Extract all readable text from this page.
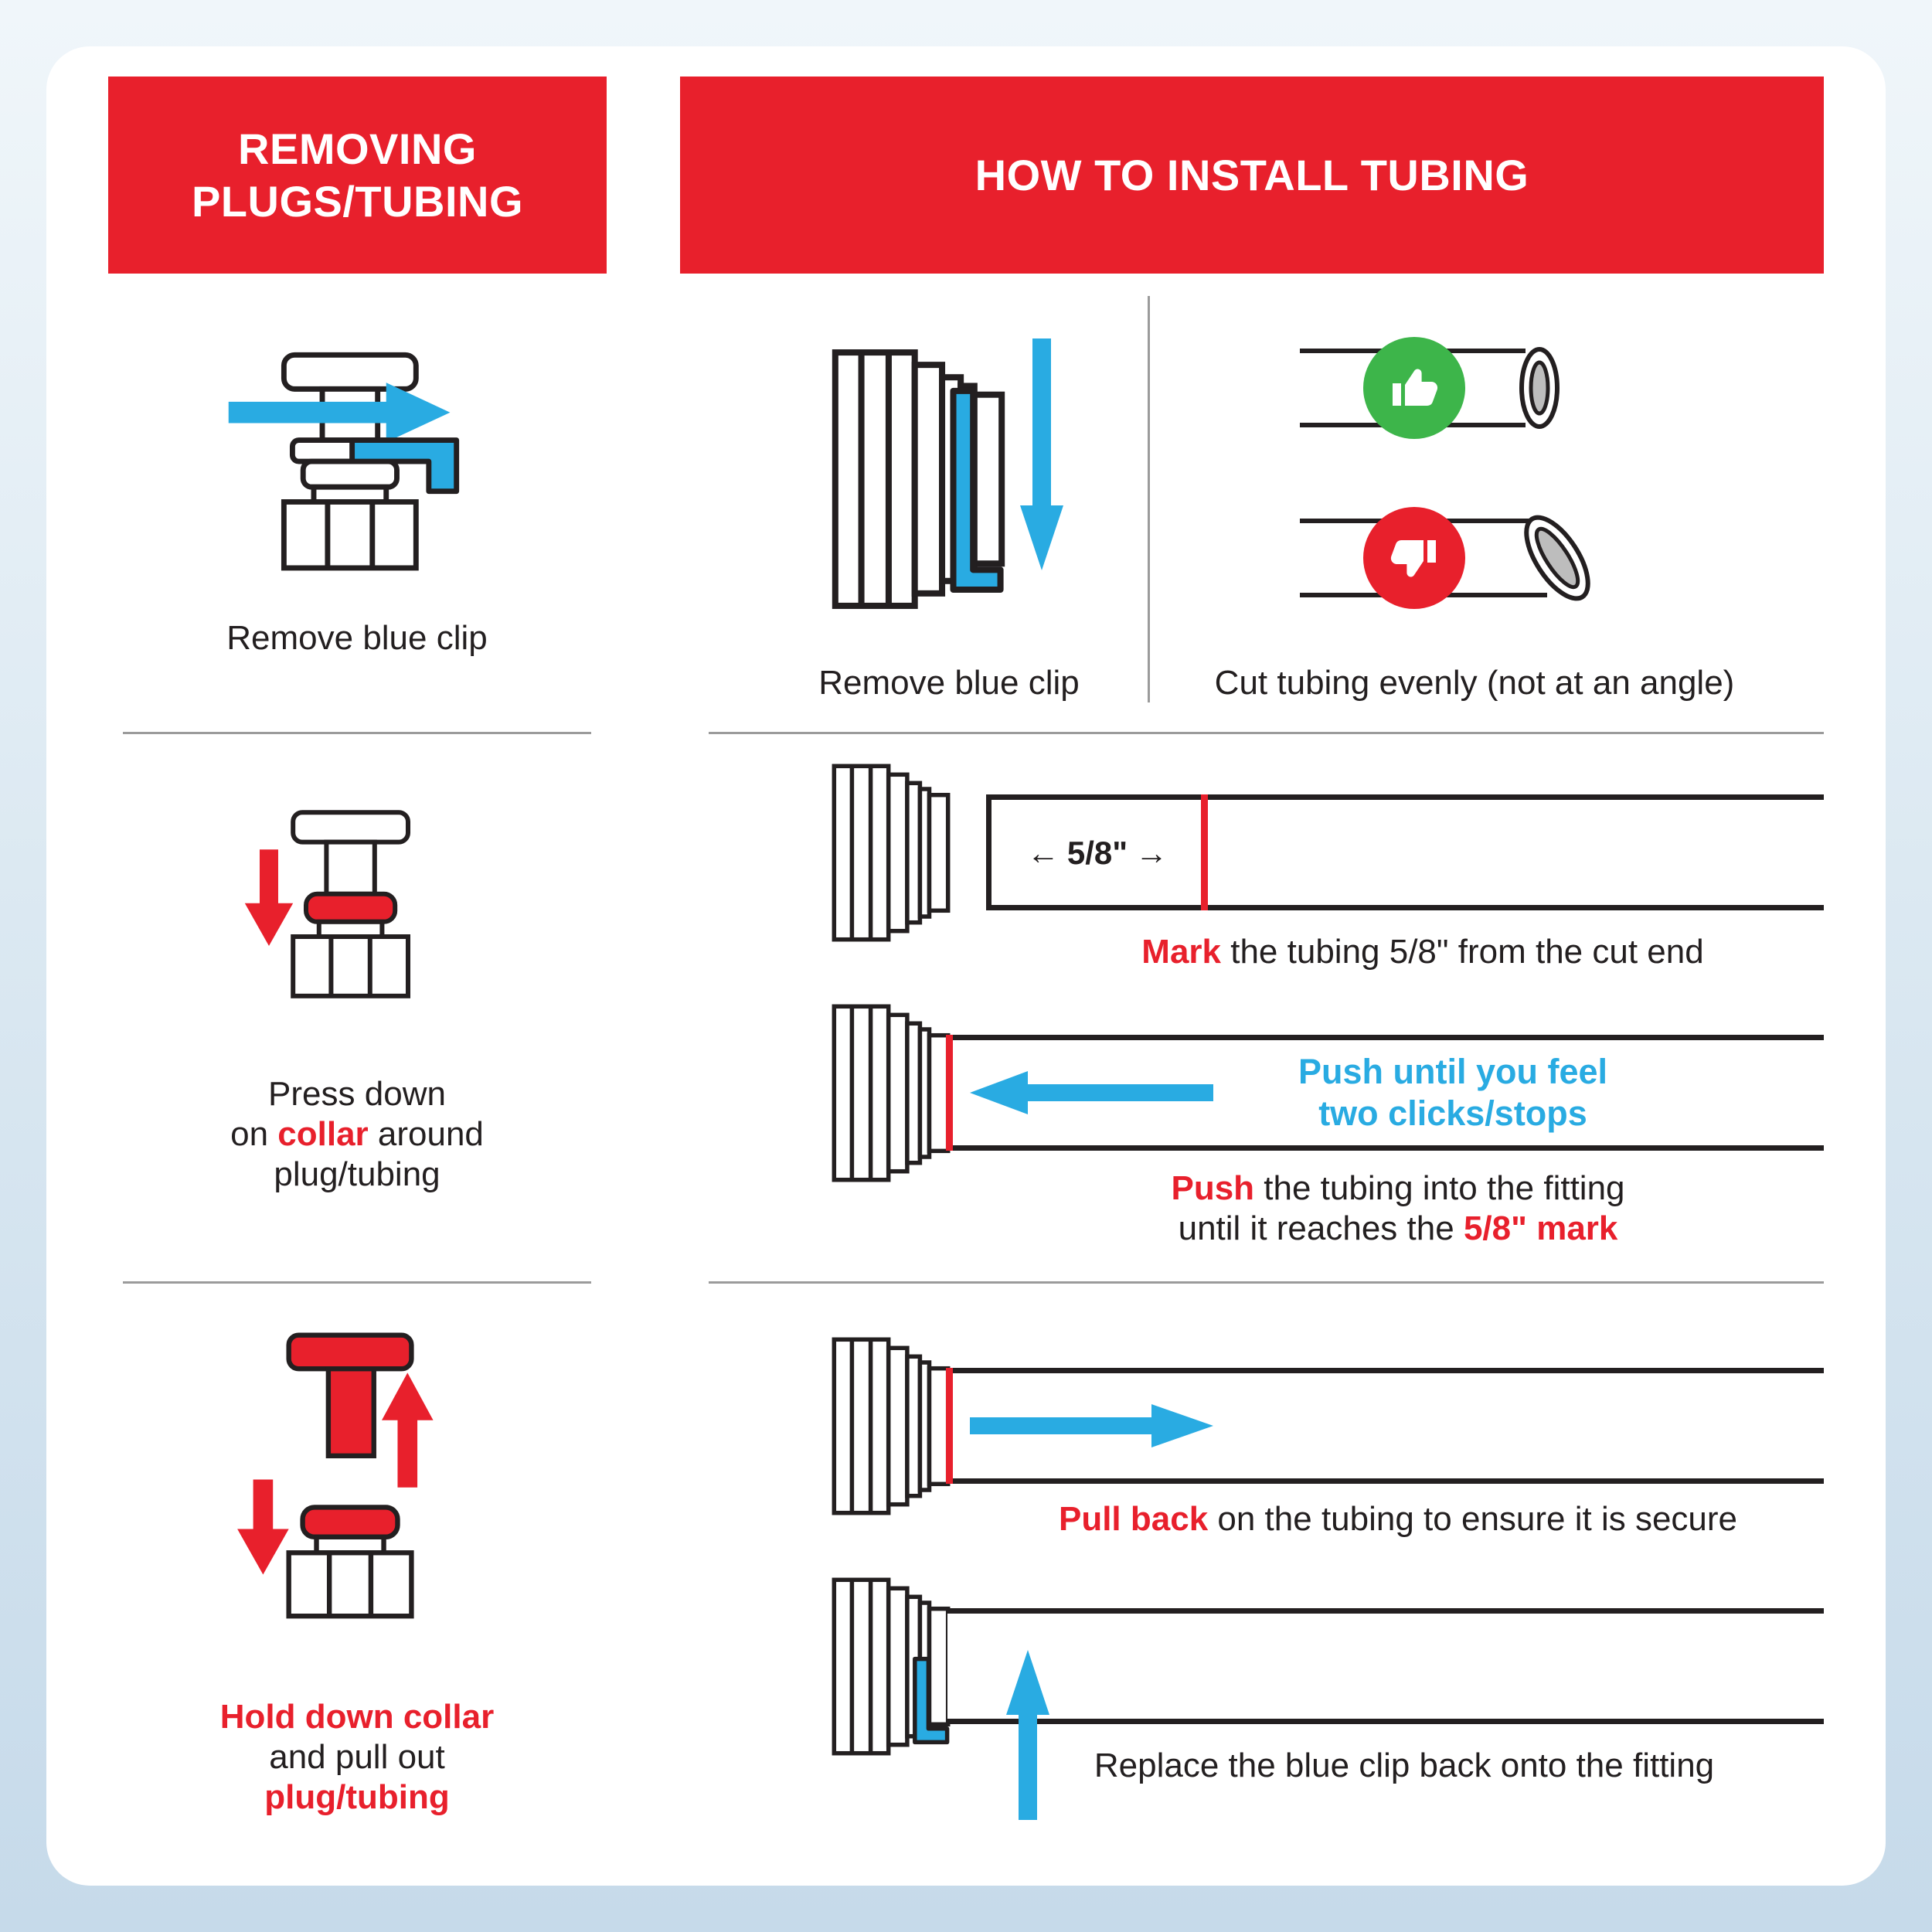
REMOVING
PLUGS/TUBING

Remove blue clip

Press down
on collar around
plug/tubing
Hold down collar
and pull out
plug/tubing
HOW TO INSTALL TUBING

Remove blue clip	Cut tubing evenly (not at an angle)

← 5/8" →

Mark the tubing 5/8" from the cut end

Push until you feel
two clicks/stops
Push the tubing into the fitting
until it reaches the 5/8" mark

Pull back on the tubing to ensure it is secure

Replace the blue clip back onto the fitting
